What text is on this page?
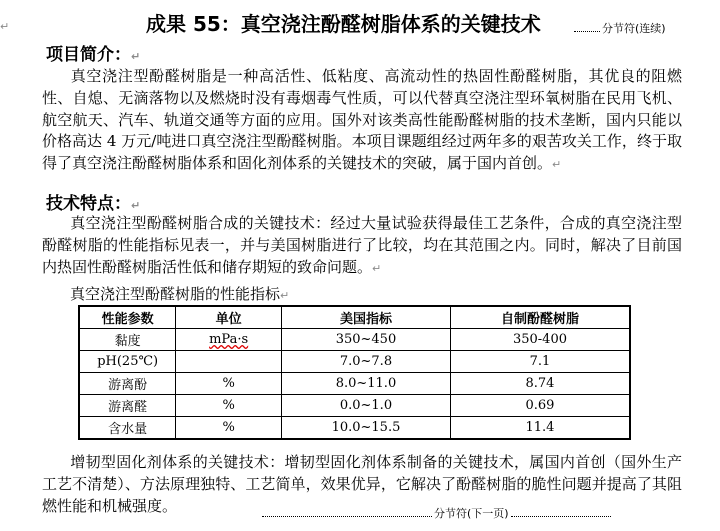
↵	成果 55：真空浇注酚醛树脂体系的关键技术	分节符(连续)
项目简介：↵
真空浇注型酚醛树脂是一种高活性、低粘度、高流动性的热固性酚醛树脂，其优良的阻燃性、自熄、无滴落物以及燃烧时没有毒烟毒气性质，可以代替真空浇注型环氧树脂在民用飞机、航空航天、汽车、轨道交通等方面的应用。国外对该类高性能酚醛树脂的技术垄断，国内只能以价格高达 4 万元/吨进口真空浇注型酚醛树脂。本项目课题组经过两年多的艰苦攻关工作，终于取得了真空浇注酚醛树脂体系和固化剂体系的关键技术的突破，属于国内首创。↵
技术特点：↵
真空浇注型酚醛树脂合成的关键技术：经过大量试验获得最佳工艺条件，合成的真空浇注型酚醛树脂的性能指标见表一，并与美国树脂进行了比较，均在其范围之内。同时，解决了目前国内热固性酚醛树脂活性低和储存期短的致命问题。↵
真空浇注型酚醛树脂的性能指标↵
性能参数	单位	美国指标	自制酚醛树脂
黏度	mPa·s	350~450	350-400
pH(25℃)		7.0~7.8	7.1
游离酚	%	8.0~11.0	8.74
游离醛	%	0.0~1.0	0.69
含水量	%	10.0~15.5	11.4
增韧型固化剂体系的关键技术：增韧型固化剂体系制备的关键技术，属国内首创（国外生产工艺不清楚）、方法原理独特、工艺简单，效果优异，它解决了酚醛树脂的脆性问题并提高了其阻燃性能和机械强度。	分节符(下一页)
